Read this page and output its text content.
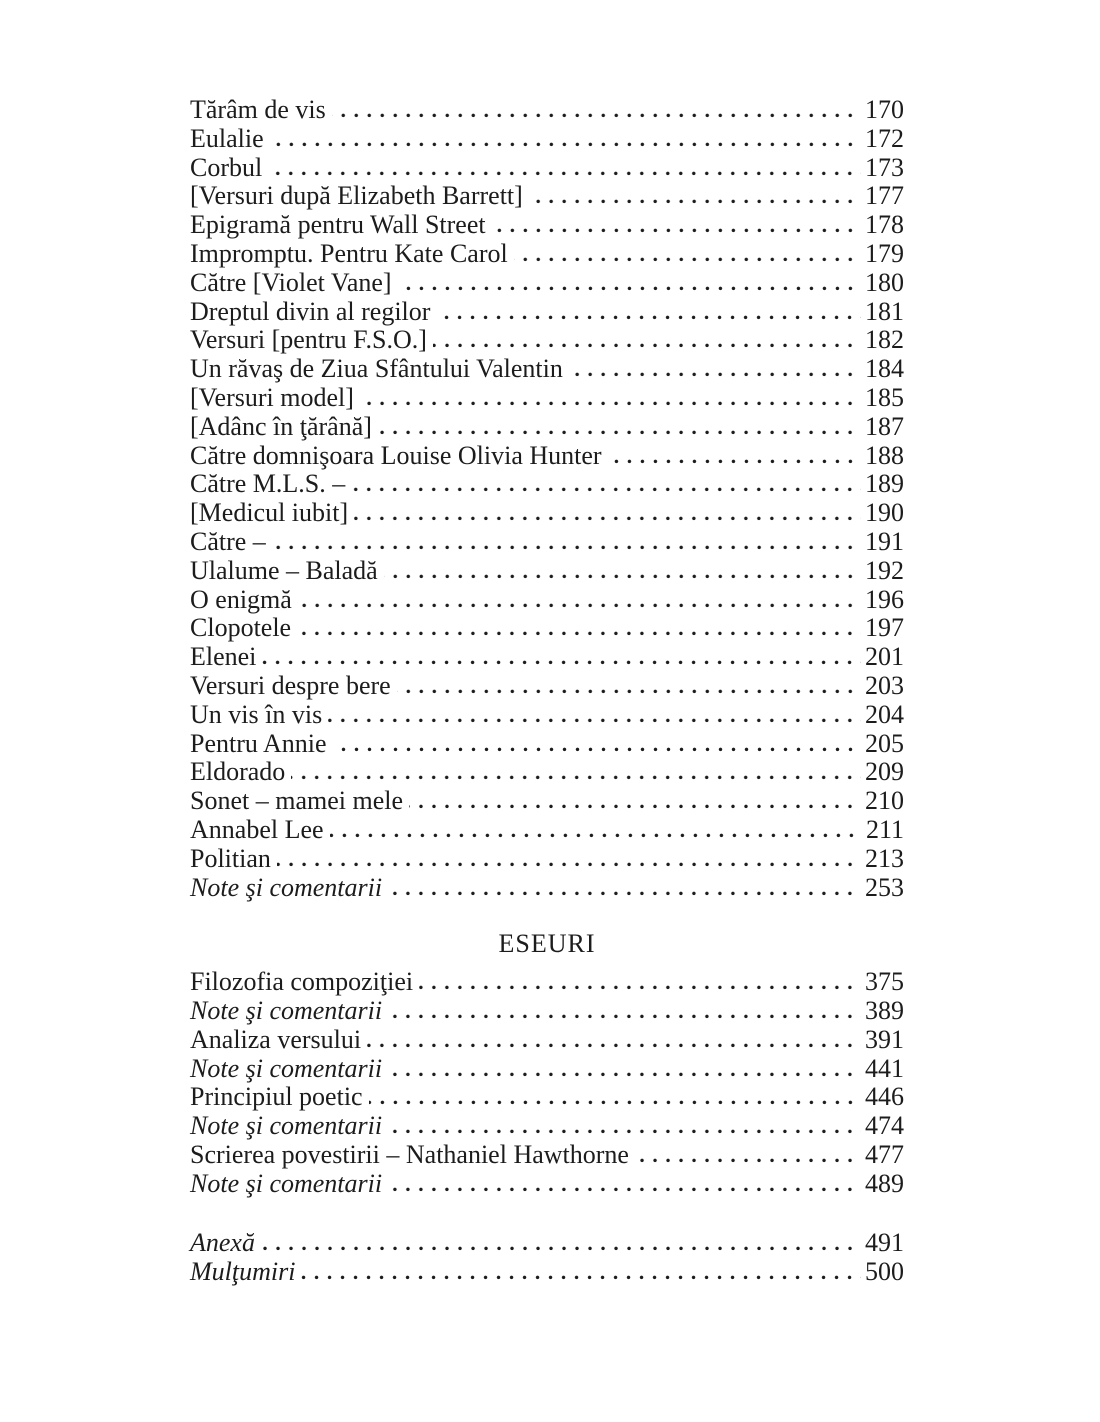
Tărâm de vis	170
Eulalie	172
Corbul	173
[Versuri după Elizabeth Barrett]	177
Epigramă pentru Wall Street	178
Impromptu. Pentru Kate Carol	179
Către [Violet Vane]	180
Dreptul divin al regilor	181
Versuri [pentru F.S.O.]	182
Un răvaş de Ziua Sfântului Valentin	184
[Versuri model]	185
[Adânc în ţărână]	187
Către domnişoara Louise Olivia Hunter	188
Către M.L.S. –	189
[Medicul iubit]	190
Către –	191
Ulalume – Baladă	192
O enigmă	196
Clopotele	197
Elenei	201
Versuri despre bere	203
Un vis în vis	204
Pentru Annie	205
Eldorado	209
Sonet – mamei mele	210
Annabel Lee	211
Politian	213
Note şi comentarii	253
ESEURI
Filozofia compoziţiei	375
Note şi comentarii	389
Analiza versului	391
Note şi comentarii	441
Principiul poetic	446
Note şi comentarii	474
Scrierea povestirii – Nathaniel Hawthorne	477
Note şi comentarii	489
Anexă	491
Mulţumiri	500
